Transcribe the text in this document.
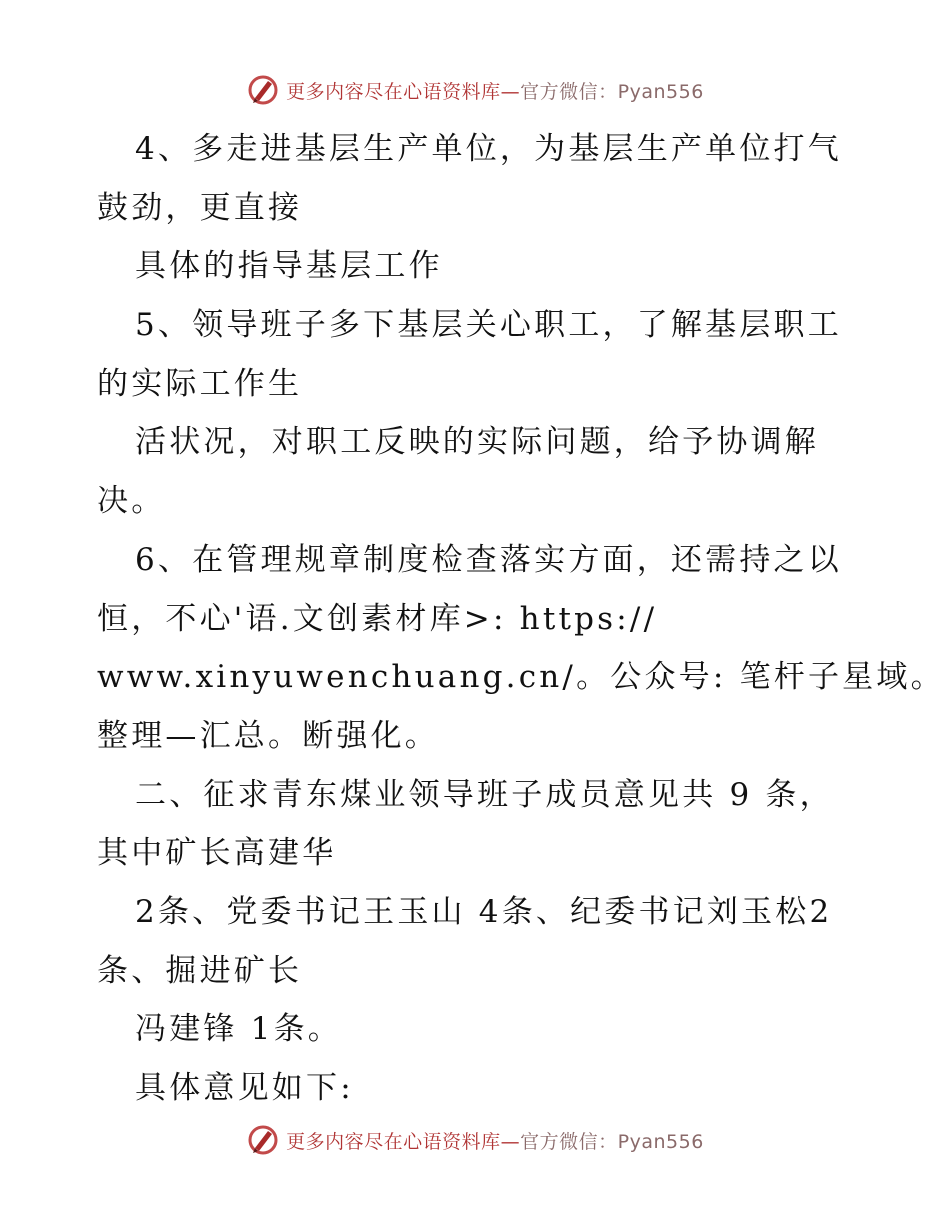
更多内容尽在心语资料库—官方微信：Pyan556
4、多走进基层生产单位，为基层生产单位打气
鼓劲，更直接
具体的指导基层工作
5、领导班子多下基层关心职工，了解基层职工
的实际工作生
活状况，对职工反映的实际问题，给予协调解
决。
6、在管理规章制度检查落实方面，还需持之以
恒，不心'语.文创素材库>: https://
www.xinyuwenchuang.cn/。公众号: 笔杆子星域。
整理—汇总。断强化。
二、征求青东煤业领导班子成员意见共 9 条，
其中矿长高建华
2条、党委书记王玉山 4条、纪委书记刘玉松2
条、掘进矿长
冯建锋 1条。
具体意见如下:
更多内容尽在心语资料库—官方微信：Pyan556
